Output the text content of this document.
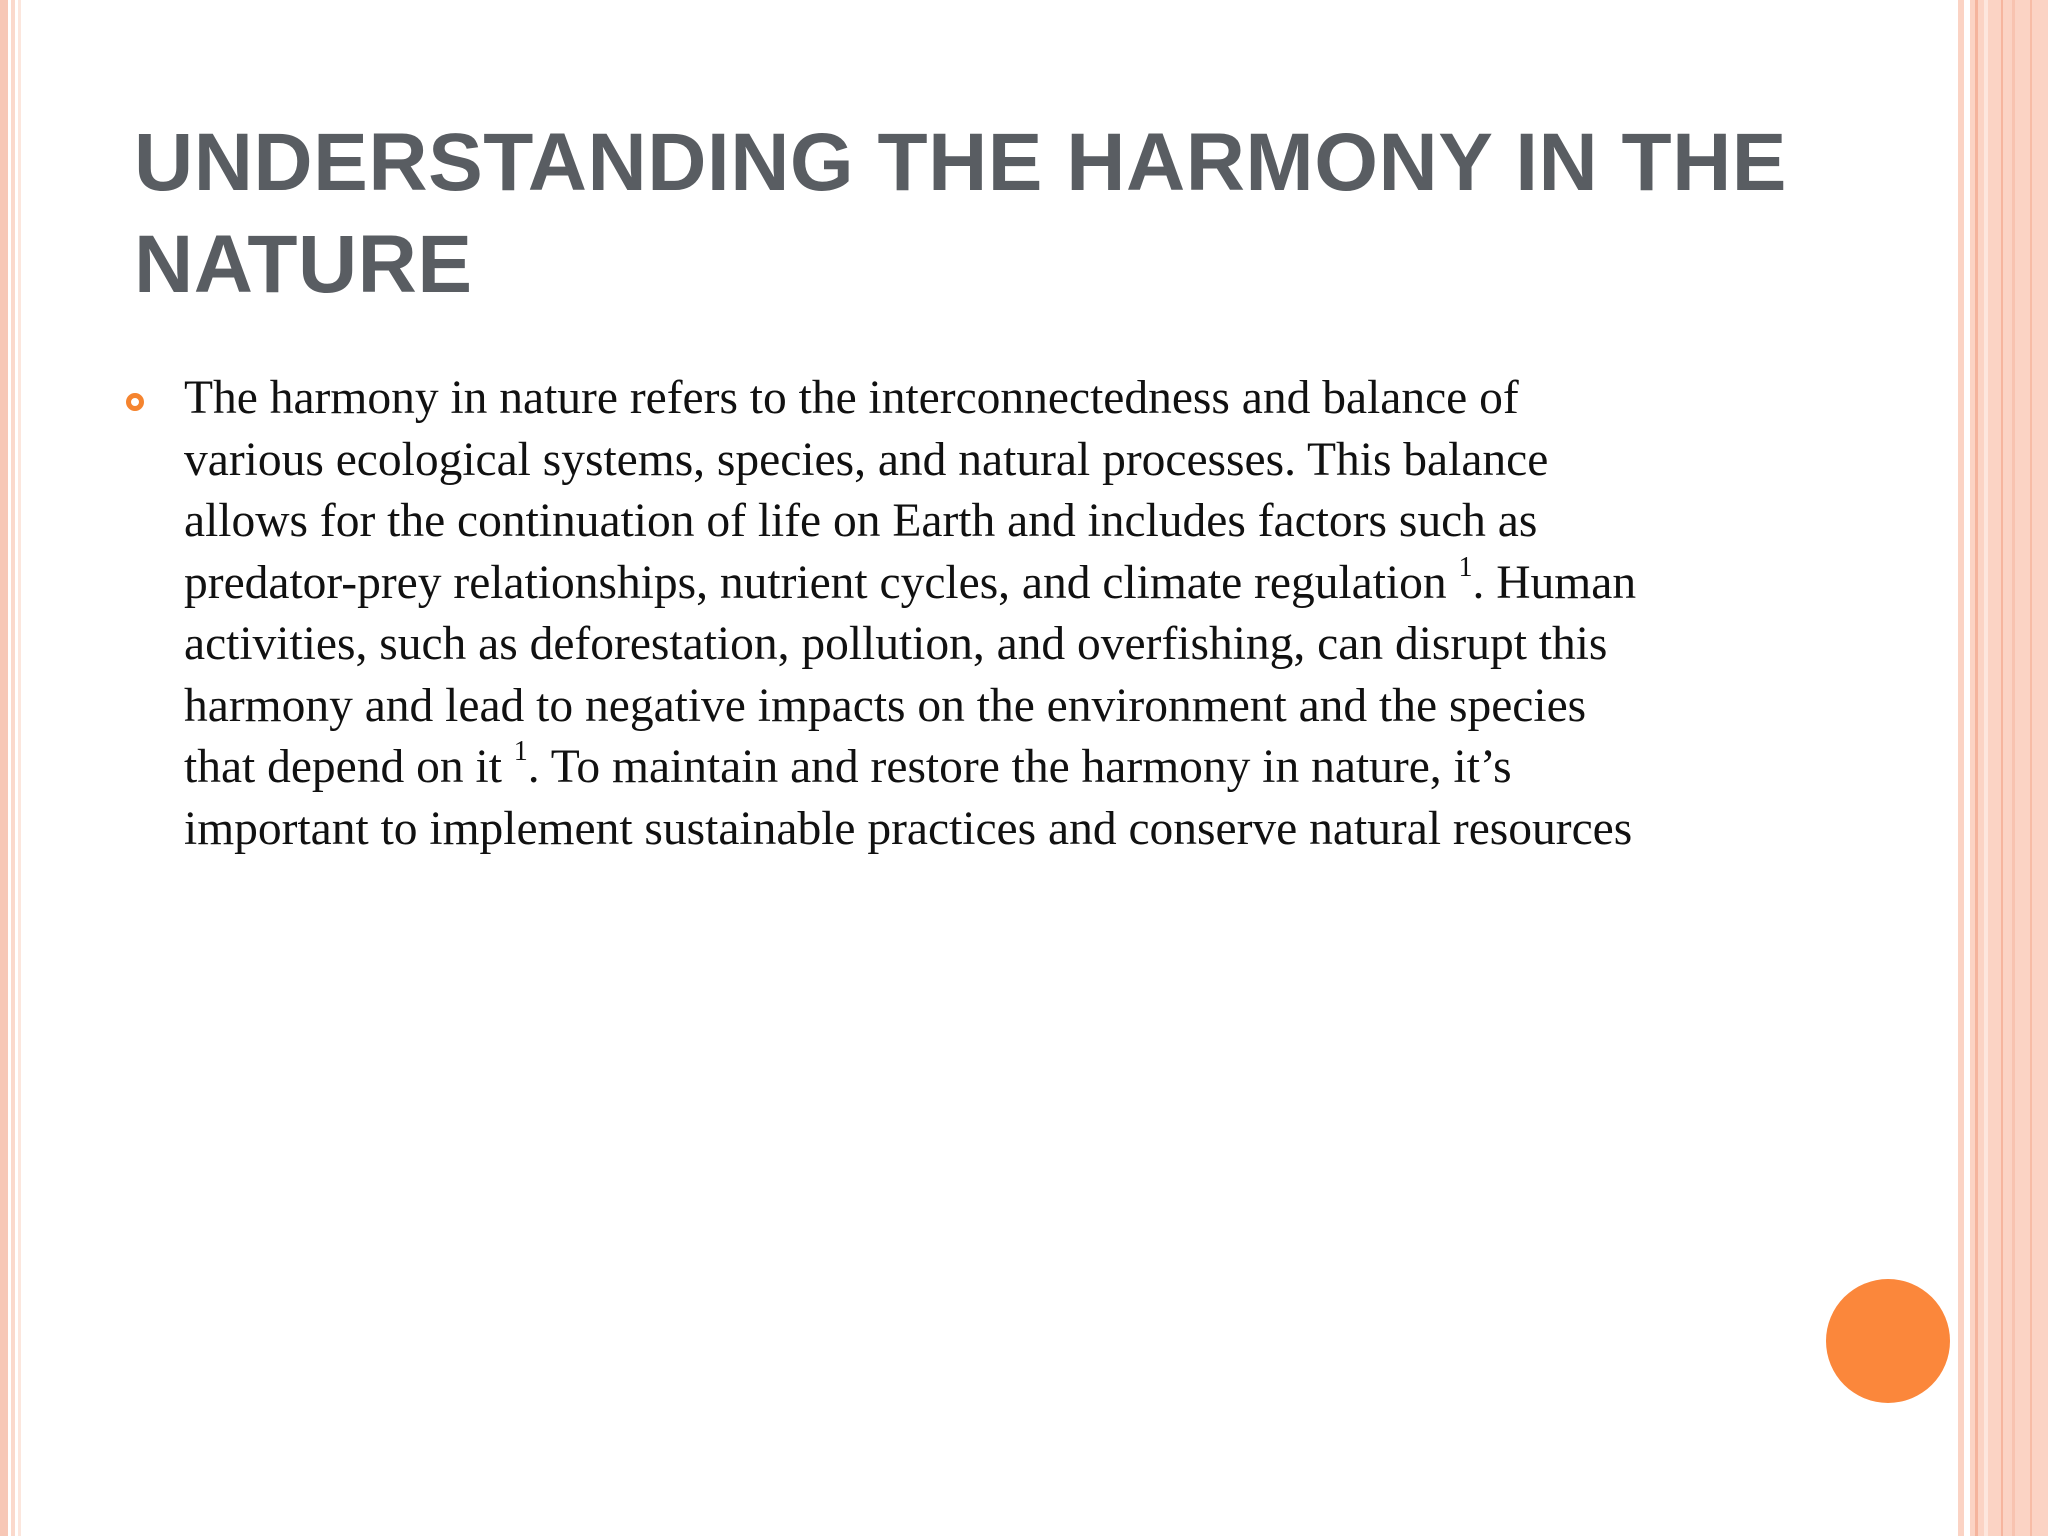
UNDERSTANDING THE HARMONY IN THE NATURE

The harmony in nature refers to the interconnectedness and balance of
various ecological systems, species, and natural processes. This balance
allows for the continuation of life on Earth and includes factors such as
predator-prey relationships, nutrient cycles, and climate regulation $^1$. Human
activities, such as deforestation, pollution, and overfishing, can disrupt this
harmony and lead to negative impacts on the environment and the species
that depend on it $^1$. To maintain and restore the harmony in nature, it’s
important to implement sustainable practices and conserve natural resources
